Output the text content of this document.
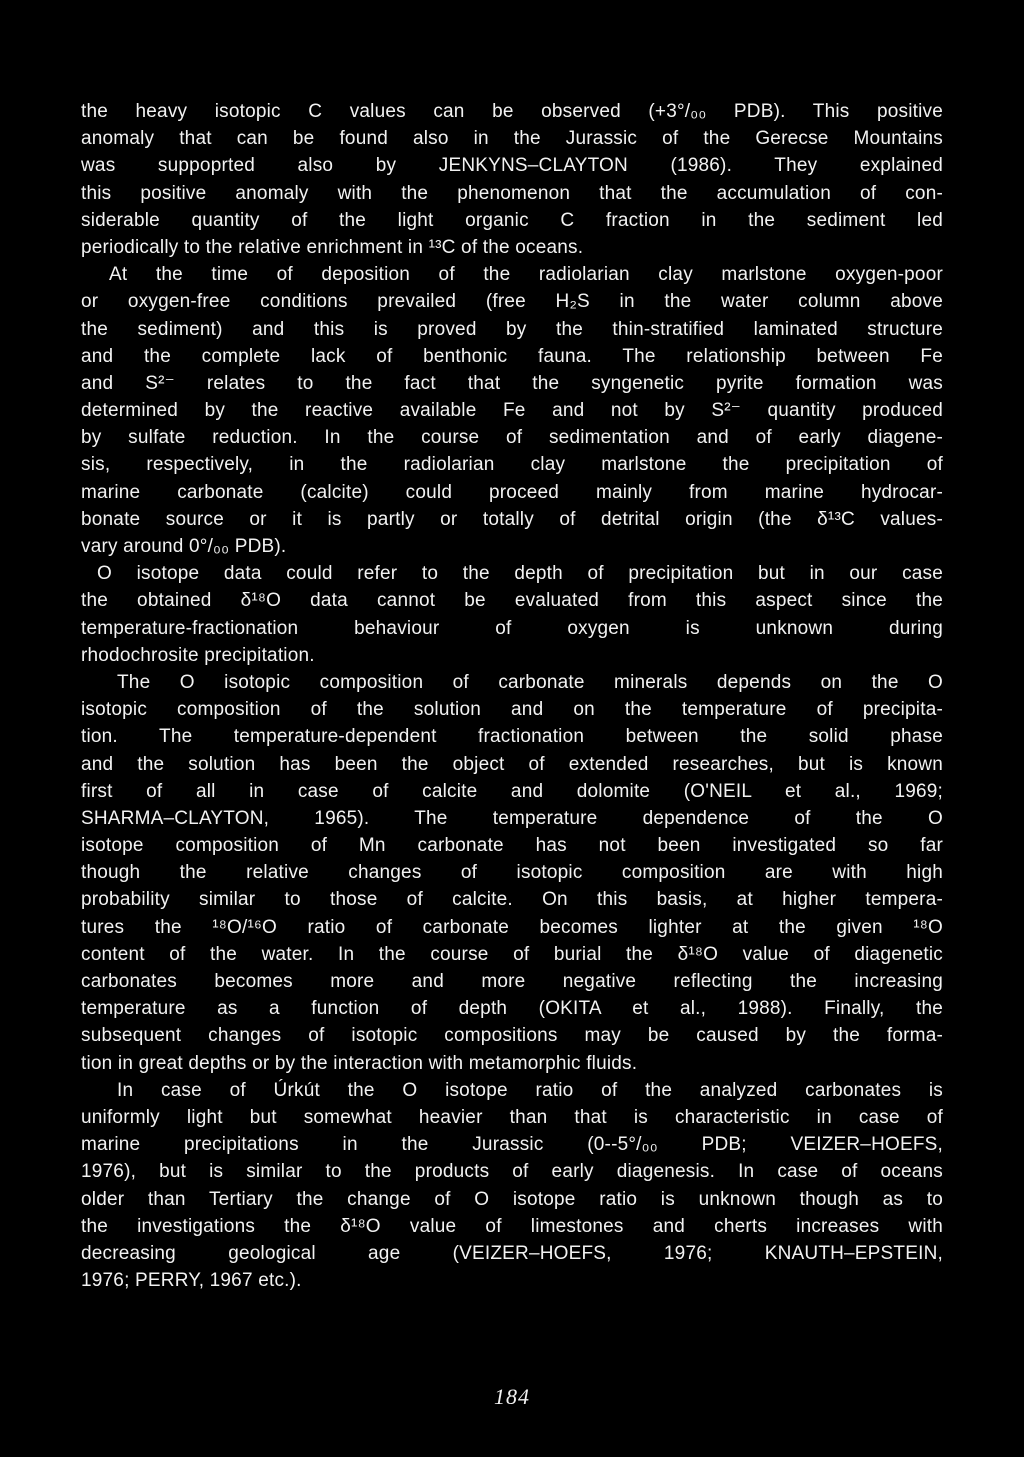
the heavy isotopic C values can be observed (+3°/₀₀ PDB). This positive
anomaly that can be found also in the Jurassic of the Gerecse Mountains
was suppoprted also by JENKYNS–CLAYTON (1986). They explained
this positive anomaly with the phenomenon that the accumulation of con-
siderable quantity of the light organic C fraction in the sediment led
periodically to the relative enrichment in ¹³C of the oceans.
At the time of deposition of the radiolarian clay marlstone oxygen-poor
or oxygen-free conditions prevailed (free H₂S in the water column above
the sediment) and this is proved by the thin-stratified laminated structure
and the complete lack of benthonic fauna. The relationship between Fe
and S²⁻ relates to the fact that the syngenetic pyrite formation was
determined by the reactive available Fe and not by S²⁻ quantity produced
by sulfate reduction. In the course of sedimentation and of early diagene-
sis, respectively, in the radiolarian clay marlstone the precipitation of
marine carbonate (calcite) could proceed mainly from marine hydrocar-
bonate source or it is partly or totally of detrital origin (the δ¹³C values-
vary around 0°/₀₀ PDB).
O isotope data could refer to the depth of precipitation but in our case
the obtained δ¹⁸O data cannot be evaluated from this aspect since the
temperature-fractionation behaviour of oxygen is unknown during
rhodochrosite precipitation.
The O isotopic composition of carbonate minerals depends on the O
isotopic composition of the solution and on the temperature of precipita-
tion. The temperature-dependent fractionation between the solid phase
and the solution has been the object of extended researches, but is known
first of all in case of calcite and dolomite (O'NEIL et al., 1969;
SHARMA–CLAYTON, 1965). The temperature dependence of the O
isotope composition of Mn carbonate has not been investigated so far
though the relative changes of isotopic composition are with high
probability similar to those of calcite. On this basis, at higher tempera-
tures the ¹⁸O/¹⁶O ratio of carbonate becomes lighter at the given ¹⁸O
content of the water. In the course of burial the δ¹⁸O value of diagenetic
carbonates becomes more and more negative reflecting the increasing
temperature as a function of depth (OKITA et al., 1988). Finally, the
subsequent changes of isotopic compositions may be caused by the forma-
tion in great depths or by the interaction with metamorphic fluids.
In case of Úrkút the O isotope ratio of the analyzed carbonates is
uniformly light but somewhat heavier than that is characteristic in case of
marine precipitations in the Jurassic (0--5°/₀₀ PDB; VEIZER–HOEFS,
1976), but is similar to the products of early diagenesis. In case of oceans
older than Tertiary the change of O isotope ratio is unknown though as to
the investigations the δ¹⁸O value of limestones and cherts increases with
decreasing geological age (VEIZER–HOEFS, 1976; KNAUTH–EPSTEIN,
1976; PERRY, 1967 etc.).
184
